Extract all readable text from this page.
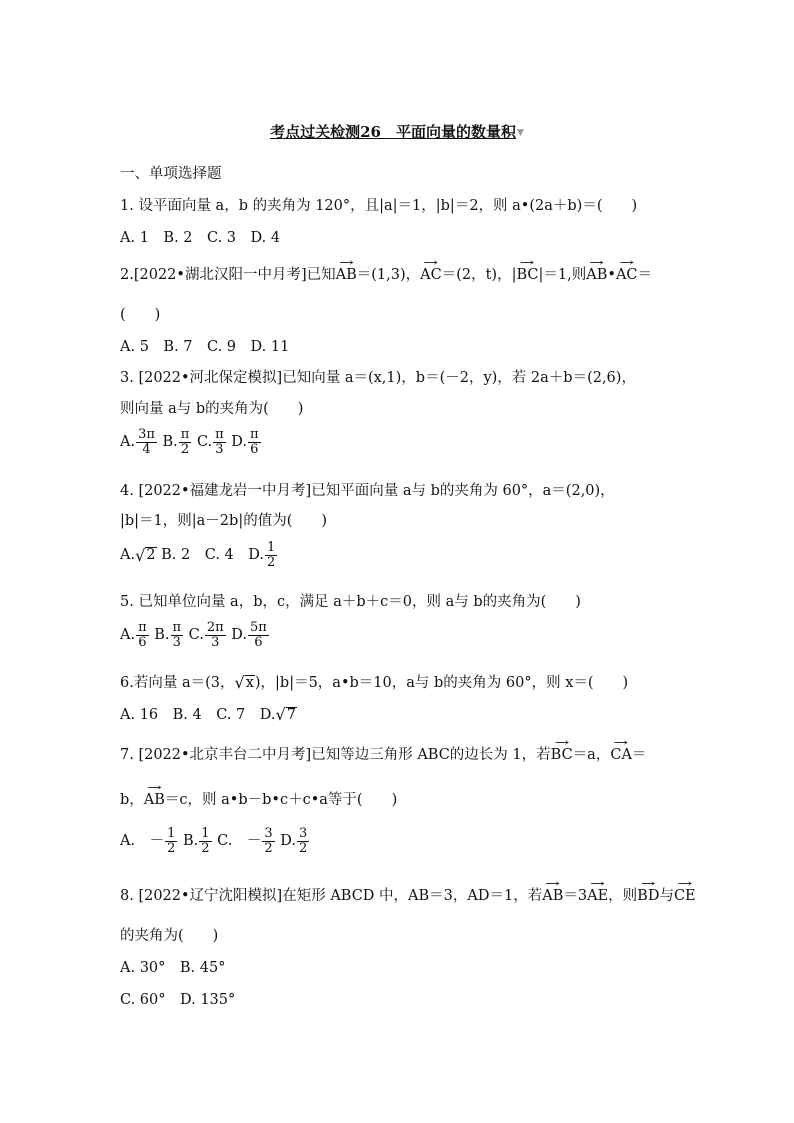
考点过关检测26　平面向量的数量积▼
一、单项选择题
1. 设平面向量 a，b 的夹角为 120°，且|a|＝1，|b|＝2，则 a•(2a＋b)＝(　　)
A. 1　B. 2　C. 3　D. 4
2.[2022•湖北汉阳一中月考]已知→ AB＝(1,3)，→ AC＝(2，t)，|→ BC|＝1,则→ AB•→ AC＝
(　　)
A. 5　B. 7　C. 9　D. 11
3. [2022•河北保定模拟]已知向量 a＝(x,1)，b＝(－2，y)，若 2a＋b＝(2,6)，
则向量 a与 b的夹角为(　　)
A. $\frac{3\pi}{4} B$. $\frac{\pi}{2} C$. $\frac{\pi}{3} D$. $\frac{\pi}{6}$
4. [2022•福建龙岩一中月考]已知平面向量 a与 b的夹角为 60°，a＝(2,0)，
|b|＝1，则|a－2b|的值为(　　)
A. √ 2 B. 2　C. 4　D. $\frac{1}{2}$
5. 已知单位向量 a，b，c，满足 a＋b＋c＝0，则 a与 b的夹角为(　　)
A. $\frac{\pi}{6} B$. $\frac{\pi}{3} C$. $\frac{2\pi}{3} D$. $\frac{5\pi}{6}$
6.若向量 a＝(3， √ x )，|b|＝5，a•b＝10，a与 b的夹角为 60°，则 x＝(　　)
A. 16　B. 4　C. 7　D. √ 7
7. [2022•北京丰台二中月考]已知等边三角形 ABC的边长为 1，若→ BC＝a，→ CA＝
b，→ AB＝c，则 a•b－b•c＋c•a等于(　　)
A.　－ $\frac{1}{2} B$. $\frac{1}{2} C$.　－ $\frac{3}{2} D$. $\frac{3}{2}$
8. [2022•辽宁沈阳模拟]在矩形 ABCD 中，AB＝3，AD＝1，若→ AB＝3→ AE，则→ BD与→ CE
的夹角为(　　)
A. 30°　B. 45°
C. 60°　D. 135°
